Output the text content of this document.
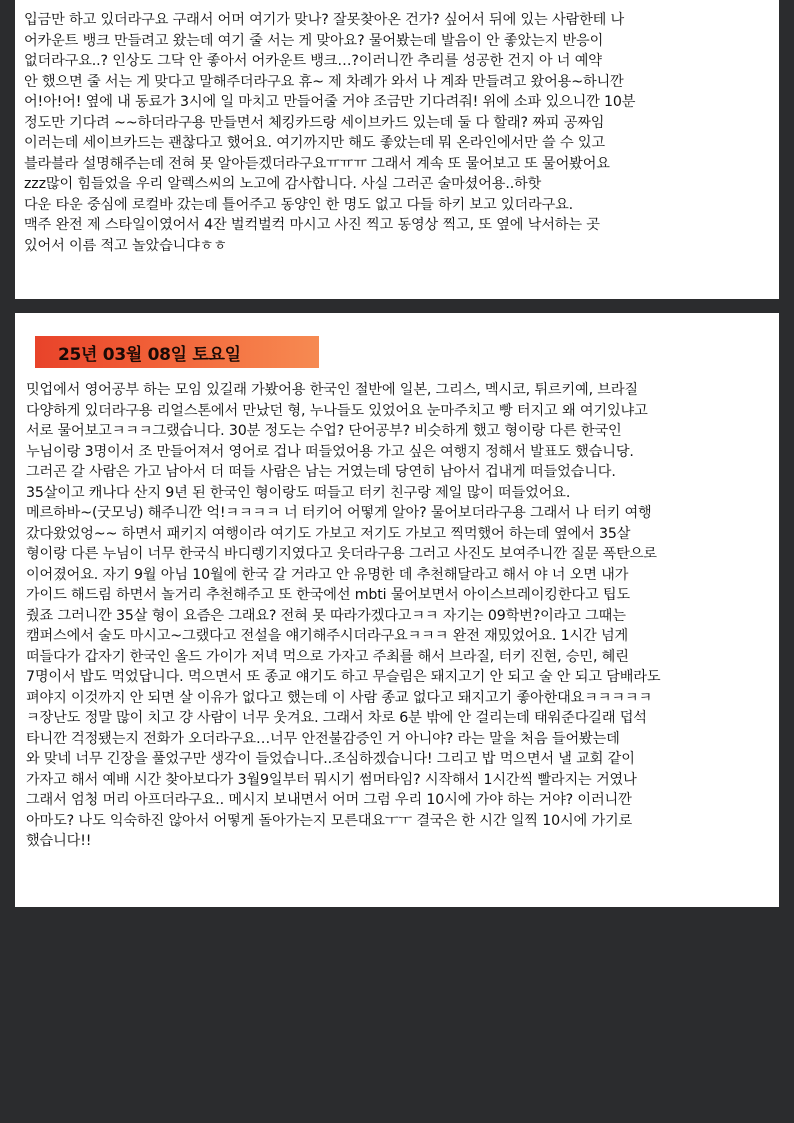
입금만 하고 있더라구요 구래서 어머 여기가 맞나? 잘못찾아온 건가? 싶어서 뒤에 있는 사람한테 나
어카운트 뱅크 만들려고 왔는데 여기 줄 서는 게 맞아요? 물어봤는데 발음이 안 좋았는지 반응이
없더라구요..? 인상도 그닥 안 좋아서 어카운트 뱅크…?이러니깐 추리를 성공한 건지 아 너 예약
안 했으면 줄 서는 게 맞다고 말해주더라구요 휴~ 제 차례가 와서 나 계좌 만들려고 왔어용~하니깐
어!아!어! 옆에 내 동료가 3시에 일 마치고 만들어줄 거야 조금만 기다려줘! 위에 소파 있으니깐 10분
정도만 기다려 ~~하더라구용 만들면서 체킹카드랑 세이브카드 있는데 둘 다 할래? 짜피 공짜임
이러는데 세이브카드는 괜찮다고 했어요. 여기까지만 해도 좋았는데 뭐 온라인에서만 쓸 수 있고
블라블라 설명해주는데 전혀 못 알아듣겠더라구요ㅠㅠㅠ 그래서 계속 또 물어보고 또 물어봤어요
zzz많이 힘들었을 우리 알렉스씨의 노고에 감사합니다. 사실 그러곤 술마셨어용..하핫
다운 타운 중심에 로컬바 갔는데 틀어주고 동양인 한 명도 없고 다들 하키 보고 있더라구요.
맥주 완전 제 스타일이였어서 4잔 벌컥벌컥 마시고 사진 찍고 동영상 찍고, 또 옆에 낙서하는 곳
있어서 이름 적고 놀았습니댜ㅎㅎ
25년 03월 08일 토요일
밋업에서 영어공부 하는 모임 있길래 가봤어용 한국인 절반에 일본, 그리스, 멕시코, 튀르키예, 브라질
다양하게 있더라구용 리얼스톤에서 만났던 형, 누나들도 있었어요 눈마주치고 빵 터지고 왜 여기있냐고
서로 물어보고ㅋㅋㅋ그랬습니다. 30분 정도는 수업? 단어공부? 비슷하게 했고 형이랑 다른 한국인
누님이랑 3명이서 조 만들어져서 영어로 겁나 떠들었어용 가고 싶은 여행지 정해서 발표도 했습니당.
그러곤 갈 사람은 가고 남아서 더 떠들 사람은 남는 거였는데 당연히 남아서 겁내게 떠들었습니다.
35살이고 캐나다 산지 9년 된 한국인 형이랑도 떠들고 터키 친구랑 제일 많이 떠들었어요.
메르하바~(굿모닝) 해주니깐 억!ㅋㅋㅋㅋ 너 터키어 어떻게 알아? 물어보더라구용 그래서 나 터키 여행
갔다왔었엉~~ 하면서 패키지 여행이라 여기도 가보고 저기도 가보고 찍먹했어 하는데 옆에서 35살
형이랑 다른 누님이 너무 한국식 바디렝기지였다고 웃더라구용 그러고 사진도 보여주니깐 질문 폭탄으로
이어졌어요. 자기 9월 아님 10월에 한국 갈 거라고 안 유명한 데 추천해달라고 해서 야 너 오면 내가
가이드 해드림 하면서 놀거리 추천해주고 또 한국에선 mbti 물어보면서 아이스브레이킹한다고 팁도
줬죠 그러니깐 35살 형이 요즘은 그래요? 전혀 못 따라가겠다고ㅋㅋ 자기는 09학번?이라고 그때는
캠퍼스에서 술도 마시고~그랬다고 전설을 얘기해주시더라구요ㅋㅋㅋ 완전 재밌었어요. 1시간 넘게
떠들다가 갑자기 한국인 올드 가이가 저녁 먹으로 가자고 주최를 해서 브라질, 터키 진현, 승민, 혜린
7명이서 밥도 먹었답니다. 먹으면서 또 종교 얘기도 하고 무슬림은 돼지고기 안 되고 술 안 되고 담배라도
펴야지 이것까지 안 되면 살 이유가 없다고 했는데 이 사람 종교 없다고 돼지고기 좋아한대요ㅋㅋㅋㅋㅋ
ㅋ장난도 정말 많이 치고 걍 사람이 너무 웃겨요. 그래서 차로 6분 밖에 안 걸리는데 태워준다길래 덥석
타니깐 걱정됐는지 전화가 오더라구요…너무 안전불감증인 거 아니야? 라는 말을 처음 들어봤는데
와 맞네 너무 긴장을 풀었구만 생각이 들었습니다..조심하겠습니다! 그리고 밥 먹으면서 낼 교회 같이
가자고 해서 예배 시간 찾아보다가 3월9일부터 뭐시기 썸머타임? 시작해서 1시간씩 빨라지는 거였나
그래서 엄청 머리 아프더라구요.. 메시지 보내면서 어머 그럼 우리 10시에 가야 하는 거야? 이러니깐
아마도? 나도 익숙하진 않아서 어떻게 돌아가는지 모른대요ㅜㅜ 결국은 한 시간 일찍 10시에 가기로
했습니다!!
